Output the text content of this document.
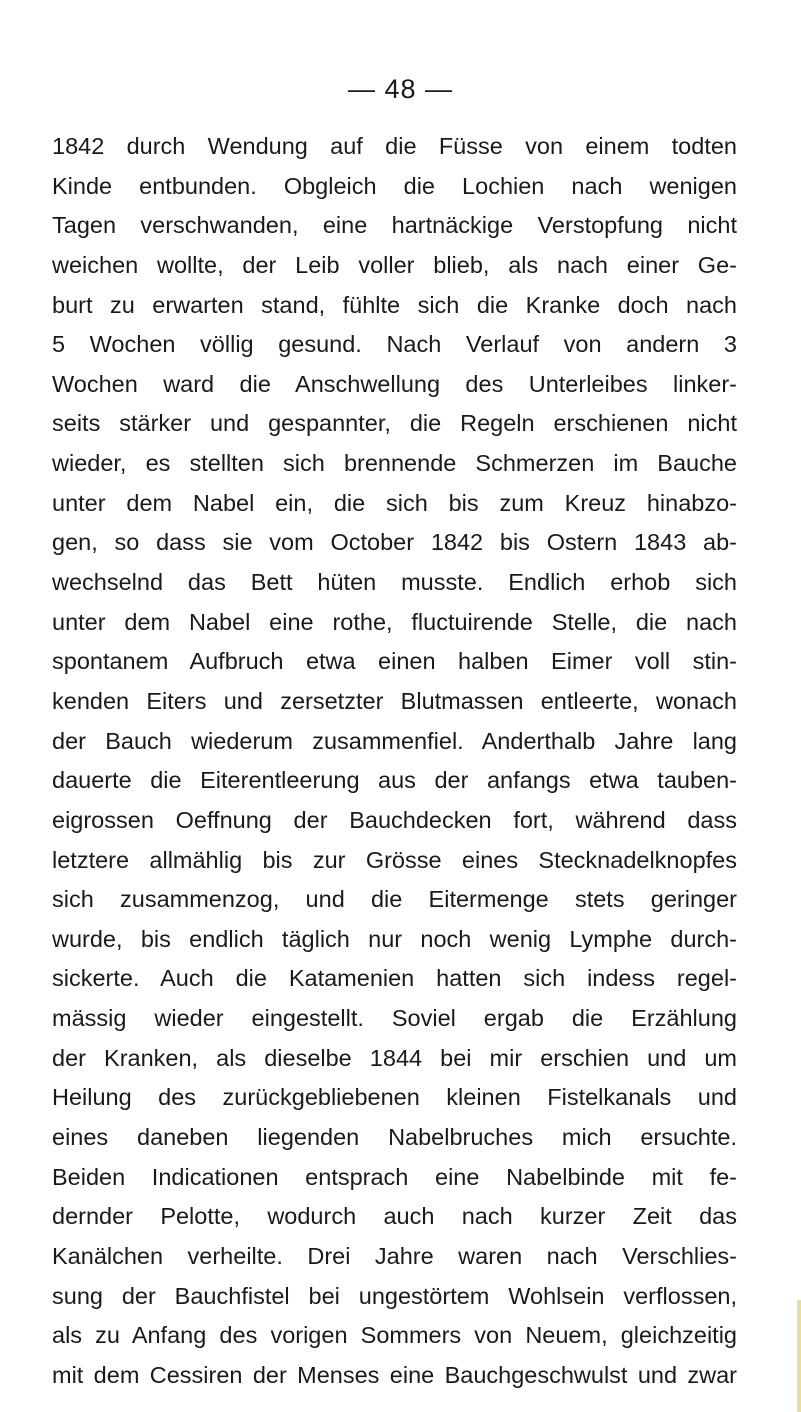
— 48 —
1842 durch Wendung auf die Füsse von einem todten
Kinde entbunden. Obgleich die Lochien nach wenigen
Tagen verschwanden, eine hartnäckige Verstopfung nicht
weichen wollte, der Leib voller blieb, als nach einer Ge-
burt zu erwarten stand, fühlte sich die Kranke doch nach
5 Wochen völlig gesund. Nach Verlauf von andern 3
Wochen ward die Anschwellung des Unterleibes linker-
seits stärker und gespannter, die Regeln erschienen nicht
wieder, es stellten sich brennende Schmerzen im Bauche
unter dem Nabel ein, die sich bis zum Kreuz hinabzo-
gen, so dass sie vom October 1842 bis Ostern 1843 ab-
wechselnd das Bett hüten musste. Endlich erhob sich
unter dem Nabel eine rothe, fluctuirende Stelle, die nach
spontanem Aufbruch etwa einen halben Eimer voll stin-
kenden Eiters und zersetzter Blutmassen entleerte, wonach
der Bauch wiederum zusammenfiel. Anderthalb Jahre lang
dauerte die Eiterentleerung aus der anfangs etwa tauben-
eigrossen Oeffnung der Bauchdecken fort, während dass
letztere allmählig bis zur Grösse eines Stecknadelknopfes
sich zusammenzog, und die Eitermenge stets geringer
wurde, bis endlich täglich nur noch wenig Lymphe durch-
sickerte. Auch die Katamenien hatten sich indess regel-
mässig wieder eingestellt. Soviel ergab die Erzählung
der Kranken, als dieselbe 1844 bei mir erschien und um
Heilung des zurückgebliebenen kleinen Fistelkanals und
eines daneben liegenden Nabelbruches mich ersuchte.
Beiden Indicationen entsprach eine Nabelbinde mit fe-
dernder Pelotte, wodurch auch nach kurzer Zeit das
Kanälchen verheilte. Drei Jahre waren nach Verschlies-
sung der Bauchfistel bei ungestörtem Wohlsein verflossen,
als zu Anfang des vorigen Sommers von Neuem, gleichzeitig
mit dem Cessiren der Menses eine Bauchgeschwulst und zwar
